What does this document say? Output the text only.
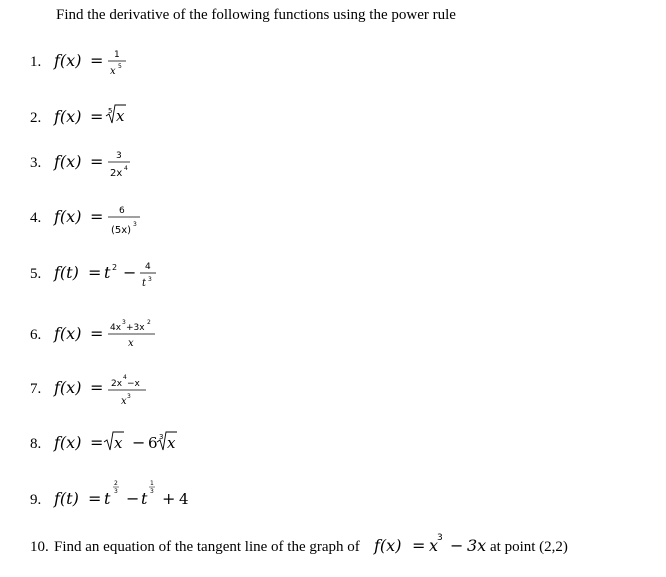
Find the derivative of the following functions using the power rule
1. f(x) = 1
x 5
2. f(x) = 5 x
3. f(x) = 3
2x 4
4. f(x) = 6
(5x)
3
5. f(t) = t 2 − 4
t 3
6. f(x) = 4x
3
+3x
2
x
7. f(x) = 2x
4
−x
x 3
8. f(x) = x − 6 3 x
9. f(t) = t
2
3 − t
1
3 + 4
10. Find an equation of the tangent line of the graph of f(x) = x
3 − 3x at point (2,2)
